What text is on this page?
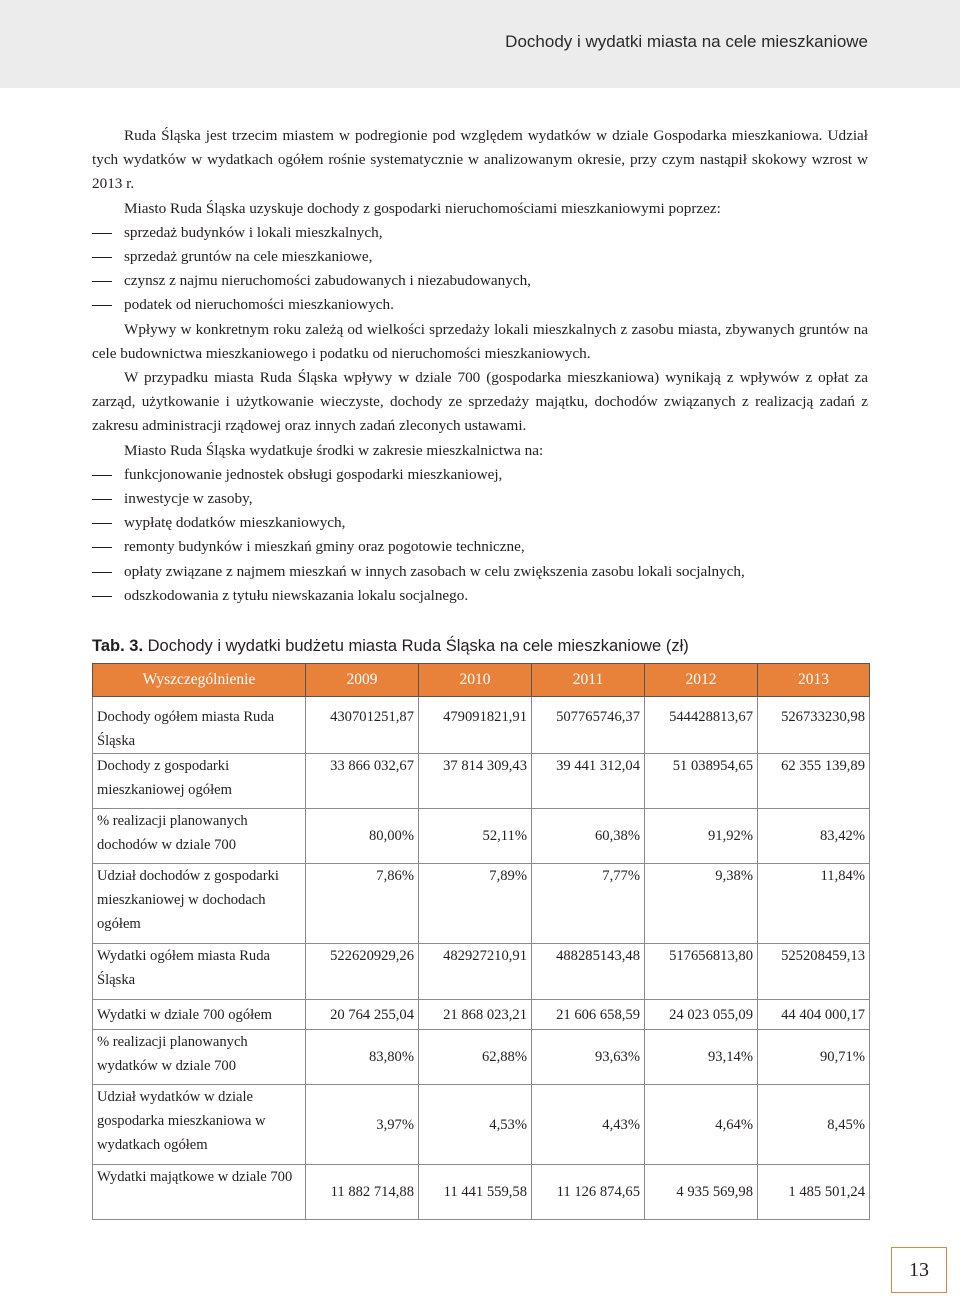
Dochody i wydatki miasta na cele mieszkaniowe

Ruda Śląska jest trzecim miastem w podregionie pod względem wydatków w dziale Gospodarka mieszkaniowa. Udział tych wydatków w wydatkach ogółem rośnie systematycznie w analizowanym okresie, przy czym nastąpił skokowy wzrost w 2013 r.

Miasto Ruda Śląska uzyskuje dochody z gospodarki nieruchomościami mieszkaniowymi poprzez:

sprzedaż budynków i lokali mieszkalnych,
sprzedaż gruntów na cele mieszkaniowe,
czynsz z najmu nieruchomości zabudowanych i niezabudowanych,
podatek od nieruchomości mieszkaniowych.

Wpływy w konkretnym roku zależą od wielkości sprzedaży lokali mieszkalnych z zasobu miasta, zbywanych gruntów na cele budownictwa mieszkaniowego i podatku od nieruchomości mieszkaniowych.

W przypadku miasta Ruda Śląska wpływy w dziale 700 (gospodarka mieszkaniowa) wynikają z wpływów z opłat za zarząd, użytkowanie i użytkowanie wieczyste, dochody ze sprzedaży majątku, dochodów związanych z realizacją zadań z zakresu administracji rządowej oraz innych zadań zleconych ustawami.

Miasto Ruda Śląska wydatkuje środki w zakresie mieszkalnictwa na:

funkcjonowanie jednostek obsługi gospodarki mieszkaniowej,
inwestycje w zasoby,
wypłatę dodatków mieszkaniowych,
remonty budynków i mieszkań gminy oraz pogotowie techniczne,
opłaty związane z najmem mieszkań w innych zasobach w celu zwiększenia zasobu lokali socjalnych,
odszkodowania z tytułu niewskazania lokalu socjalnego.
Tab. 3. Dochody i wydatki budżetu miasta Ruda Śląska na cele mieszkaniowe (zł)
Wyszczególnienie	2009	2010	2011	2012	2013
Dochody ogółem miasta Ruda Śląska	430701251,87	479091821,91	507765746,37	544428813,67	526733230,98
Dochody z gospodarki mieszkaniowej ogółem	33 866 032,67	37 814 309,43	39 441 312,04	51 038954,65	62 355 139,89
% realizacji planowanych dochodów w dziale 700	80,00%	52,11%	60,38%	91,92%	83,42%
Udział dochodów z gospodarki mieszkaniowej w dochodach ogółem	7,86%	7,89%	7,77%	9,38%	11,84%
Wydatki ogółem miasta Ruda Śląska	522620929,26	482927210,91	488285143,48	517656813,80	525208459,13
Wydatki w dziale 700 ogółem	20 764 255,04	21 868 023,21	21 606 658,59	24 023 055,09	44 404 000,17
% realizacji planowanych wydatków w dziale 700	83,80%	62,88%	93,63%	93,14%	90,71%
Udział wydatków w dziale gospodarka mieszkaniowa w wydatkach ogółem	3,97%	4,53%	4,43%	4,64%	8,45%
Wydatki majątkowe w dziale 700	11 882 714,88	11 441 559,58	11 126 874,65	4 935 569,98	1 485 501,24
13
